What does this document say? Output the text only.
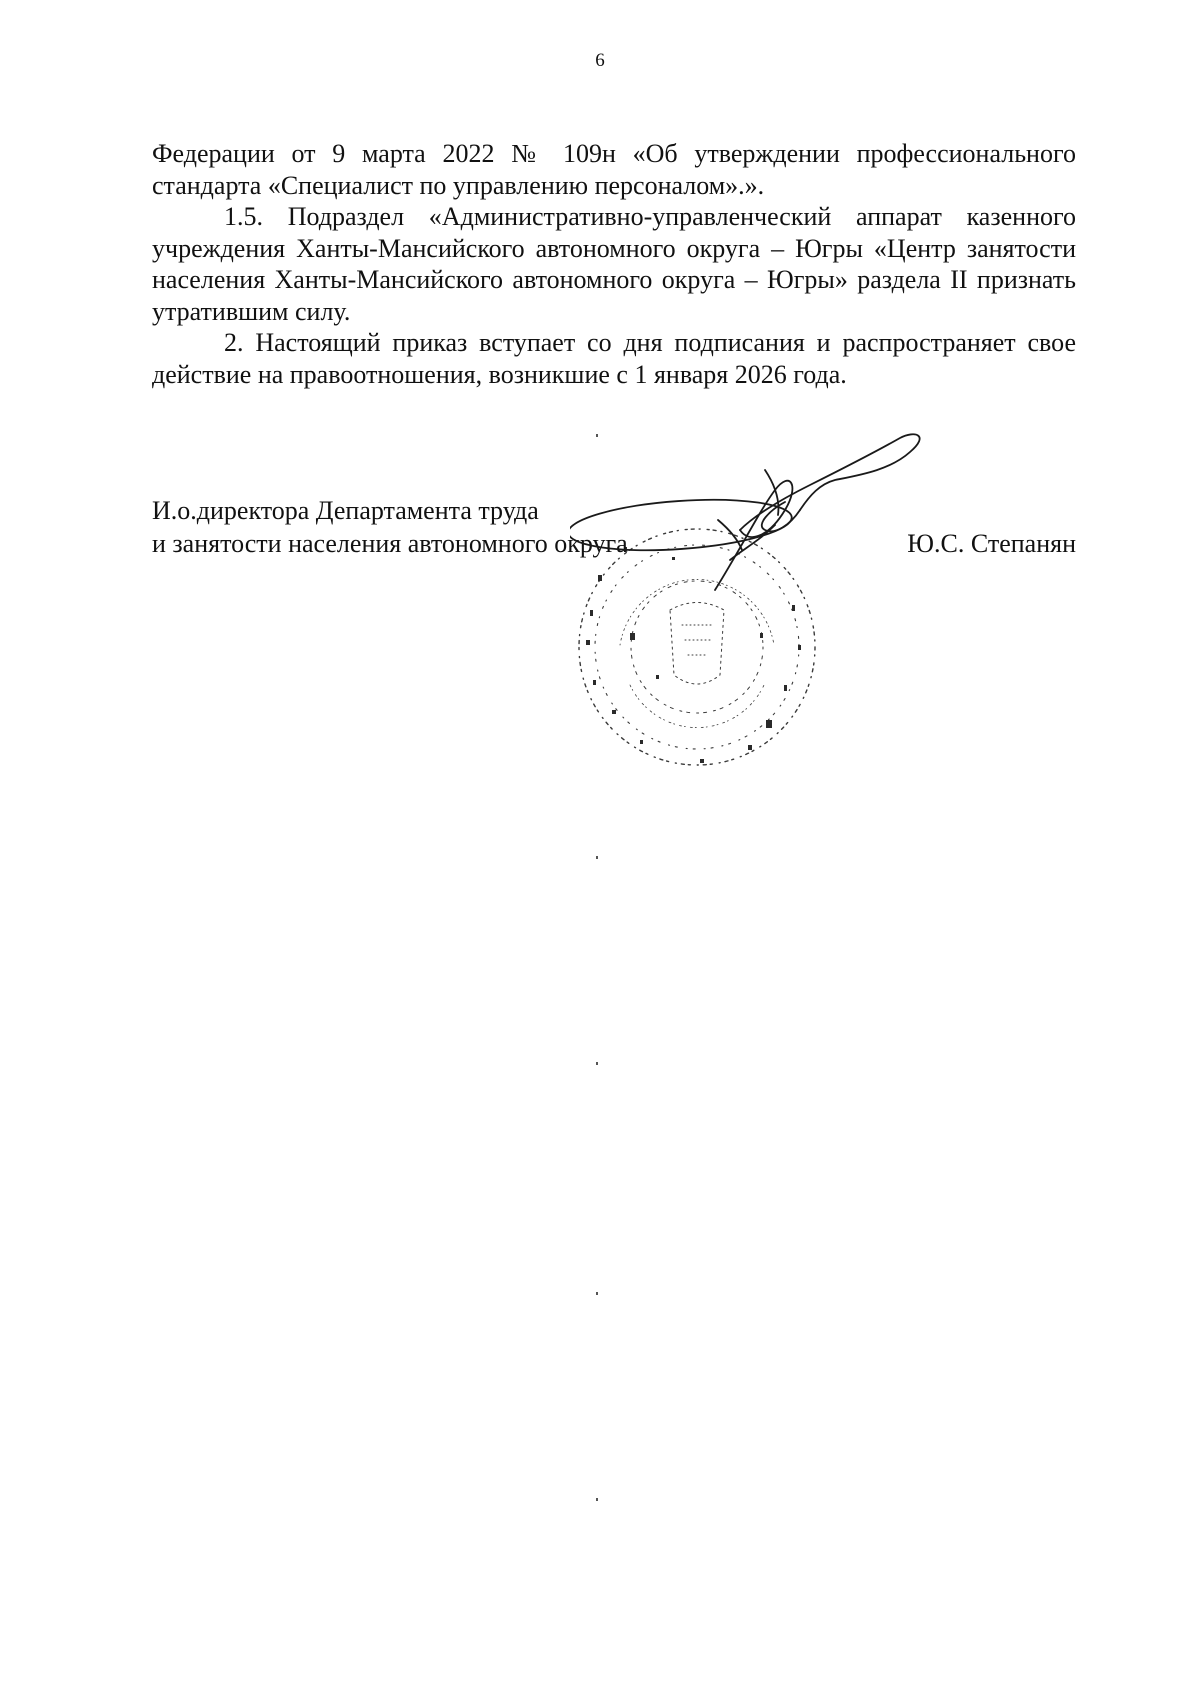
6

Федерации от 9 марта 2022 № 109н «Об утверждении профессионального стандарта «Специалист по управлению персоналом».».

1.5. Подраздел «Административно-управленческий аппарат казенного учреждения Ханты-Мансийского автономного округа – Югры «Центр занятости населения Ханты-Мансийского автономного округа – Югры» раздела II признать утратившим силу.

2. Настоящий приказ вступает со дня подписания и распространяет свое действие на правоотношения, возникшие с 1 января 2026 года.

И.о.директора Департамента труда
и занятости населения автономного округа	Ю.С. Степанян
